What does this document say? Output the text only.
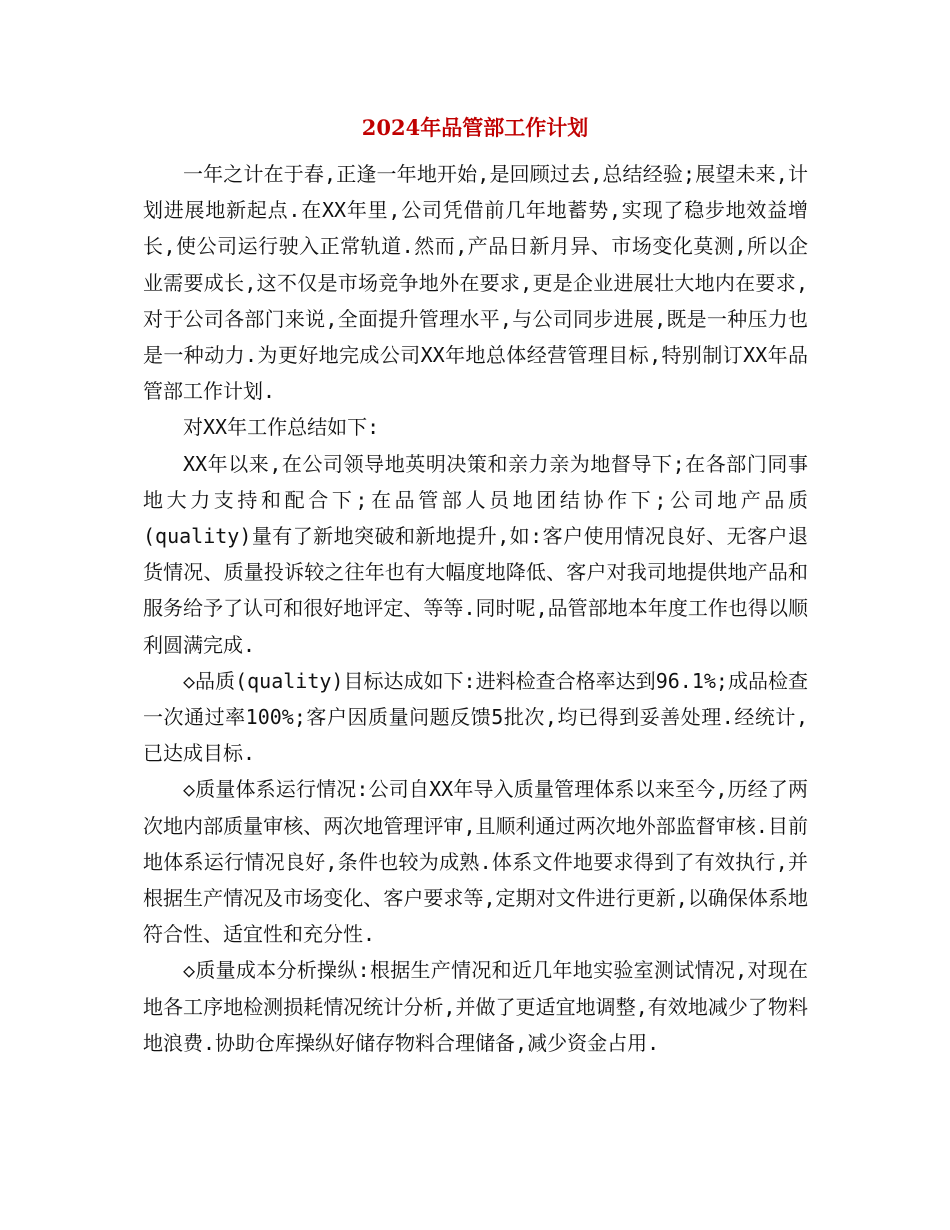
2024年品管部工作计划

一年之计在于春,正逢一年地开始,是回顾过去,总结经验;展望未来,计划进展地新起点.在XX年里,公司凭借前几年地蓄势,实现了稳步地效益增长,使公司运行驶入正常轨道.然而,产品日新月异、市场变化莫测,所以企业需要成长,这不仅是市场竞争地外在要求,更是企业进展壮大地内在要求,对于公司各部门来说,全面提升管理水平,与公司同步进展,既是一种压力也是一种动力.为更好地完成公司XX年地总体经营管理目标,特别制订XX年品管部工作计划.

对XX年工作总结如下:

XX年以来,在公司领导地英明决策和亲力亲为地督导下;在各部门同事地大力支持和配合下;在品管部人员地团结协作下;公司地产品质(quality)量有了新地突破和新地提升,如:客户使用情况良好、无客户退货情况、质量投诉较之往年也有大幅度地降低、客户对我司地提供地产品和服务给予了认可和很好地评定、等等.同时呢,品管部地本年度工作也得以顺利圆满完成.

◇品质(quality)目标达成如下:进料检查合格率达到96.1%;成品检查一次通过率100%;客户因质量问题反馈5批次,均已得到妥善处理.经统计,已达成目标.

◇质量体系运行情况:公司自XX年导入质量管理体系以来至今,历经了两次地内部质量审核、两次地管理评审,且顺利通过两次地外部监督审核.目前地体系运行情况良好,条件也较为成熟.体系文件地要求得到了有效执行,并根据生产情况及市场变化、客户要求等,定期对文件进行更新,以确保体系地符合性、适宜性和充分性.

◇质量成本分析操纵:根据生产情况和近几年地实验室测试情况,对现在地各工序地检测损耗情况统计分析,并做了更适宜地调整,有效地减少了物料地浪费.协助仓库操纵好储存物料合理储备,减少资金占用.
